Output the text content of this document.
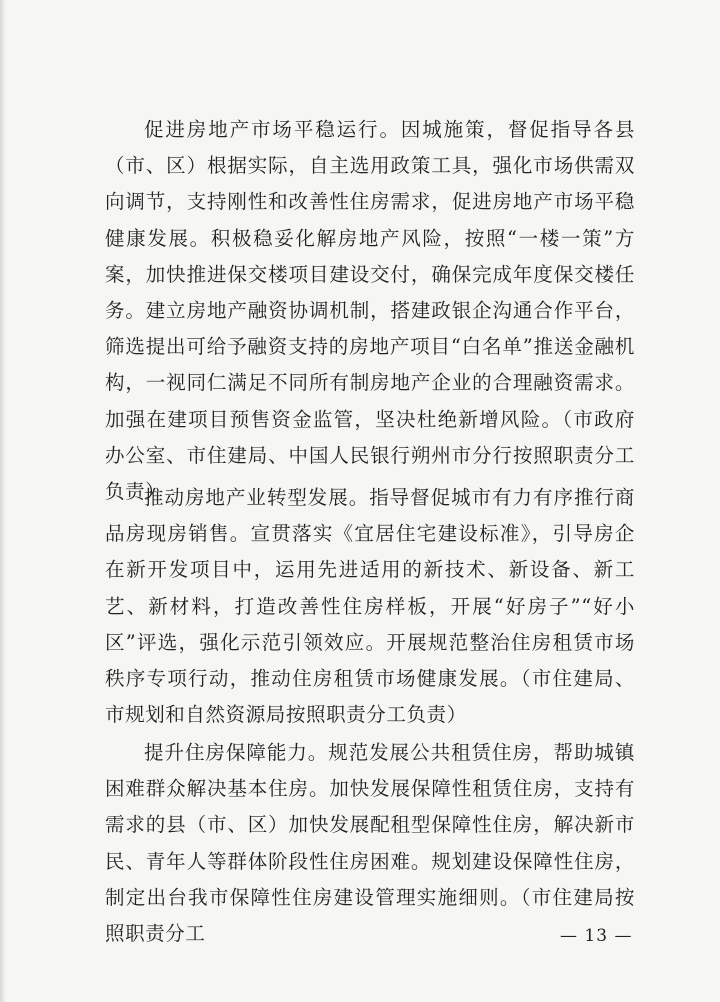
促进房地产市场平稳运行。因城施策，督促指导各县（市、区）根据实际，自主选用政策工具，强化市场供需双向调节，支持刚性和改善性住房需求，促进房地产市场平稳健康发展。积极稳妥化解房地产风险，按照“一楼一策”方案，加快推进保交楼项目建设交付，确保完成年度保交楼任务。建立房地产融资协调机制，搭建政银企沟通合作平台，筛选提出可给予融资支持的房地产项目“白名单”推送金融机构，一视同仁满足不同所有制房地产企业的合理融资需求。加强在建项目预售资金监管，坚决杜绝新增风险。（市政府办公室、市住建局、中国人民银行朔州市分行按照职责分工负责）

推动房地产业转型发展。指导督促城市有力有序推行商品房现房销售。宣贯落实《宜居住宅建设标准》，引导房企在新开发项目中，运用先进适用的新技术、新设备、新工艺、新材料，打造改善性住房样板，开展“好房子”“好小区”评选，强化示范引领效应。开展规范整治住房租赁市场秩序专项行动，推动住房租赁市场健康发展。（市住建局、市规划和自然资源局按照职责分工负责）

提升住房保障能力。规范发展公共租赁住房，帮助城镇困难群众解决基本住房。加快发展保障性租赁住房，支持有需求的县（市、区）加快发展配租型保障性住房，解决新市民、青年人等群体阶段性住房困难。规划建设保障性住房，制定出台我市保障性住房建设管理实施细则。（市住建局按照职责分工	— 13 —
